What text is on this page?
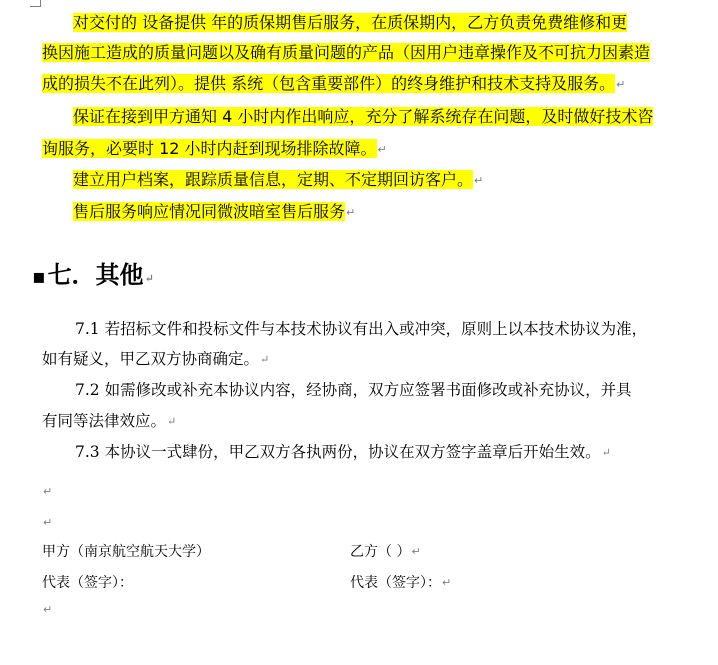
对交付的 设备提供 年的质保期售后服务，在质保期内，乙方负责免费维修和更
换因施工造成的质量问题以及确有质量问题的产品（因用户违章操作及不可抗力因素造
成的损失不在此列）。提供 系统（包含重要部件）的终身维护和技术支持及服务。↵
保证在接到甲方通知 4 小时内作出响应，充分了解系统存在问题，及时做好技术咨
询服务，必要时 12 小时内赶到现场排除故障。↵
建立用户档案，跟踪质量信息，定期、不定期回访客户。↵
售后服务响应情况同微波暗室售后服务↵
▪七．其他↵
7.1 若招标文件和投标文件与本技术协议有出入或冲突，原则上以本技术协议为准，
如有疑义，甲乙双方协商确定。↵
7.2 如需修改或补充本协议内容，经协商，双方应签署书面修改或补充协议，并具
有同等法律效应。↵
7.3 本协议一式肆份，甲乙双方各执两份，协议在双方签字盖章后开始生效。↵
↵
↵
甲方（南京航空航天大学）	乙方（ ）↵
代表（签字）：	代表（签字）：↵
↵
